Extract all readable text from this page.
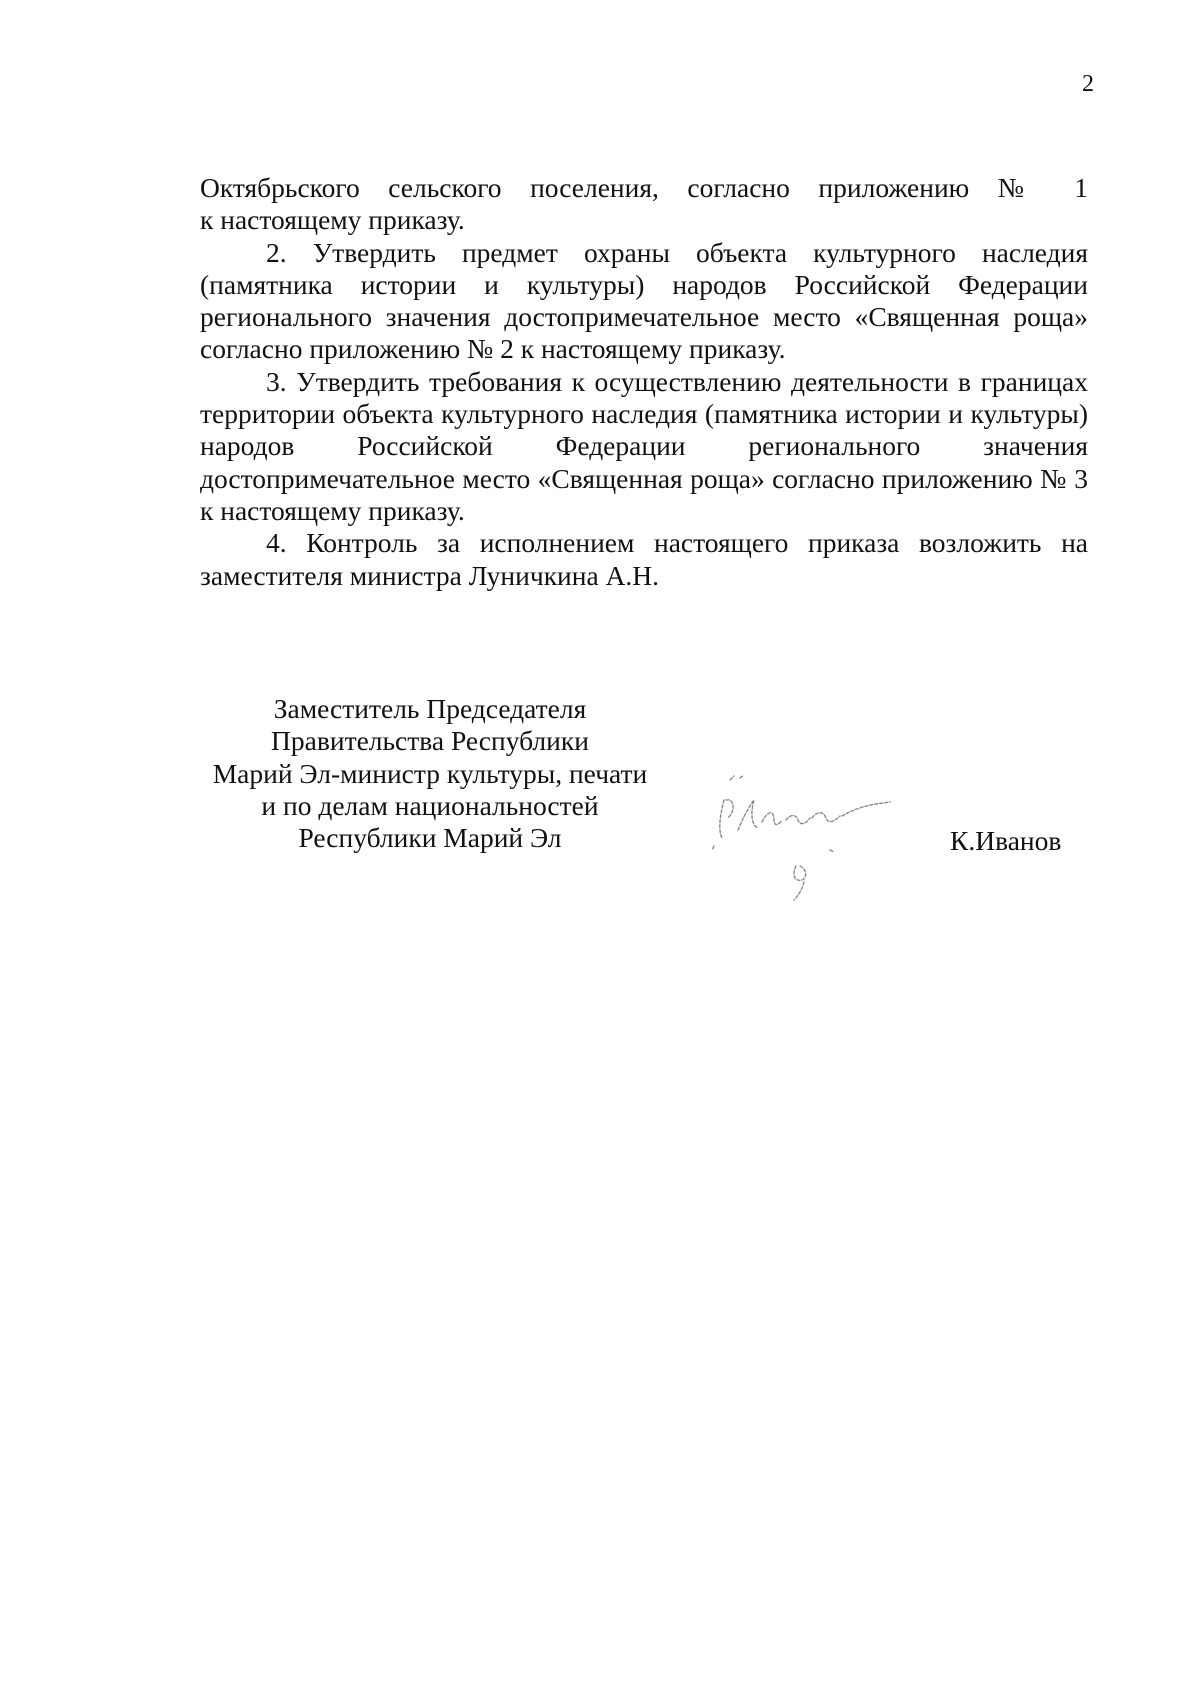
2

Октябрьского сельского поселения, согласно приложению № 1
к настоящему приказу.

2. Утвердить предмет охраны объекта культурного наследия (памятника истории и культуры) народов Российской Федерации регионального значения достопримечательное место «Священная роща» согласно приложению № 2 к настоящему приказу.

3. Утвердить требования к осуществлению деятельности в границах территории объекта культурного наследия (памятника истории и культуры) народов Российской Федерации регионального значения достопримечательное место «Священная роща» согласно приложению № 3 к настоящему приказу.

4. Контроль за исполнением настоящего приказа возложить на заместителя министра Луничкина А.Н.

Заместитель Председателя
Правительства Республики
Марий Эл-министр культуры, печати
и по делам национальностей
Республики Марий Эл	К.Иванов
